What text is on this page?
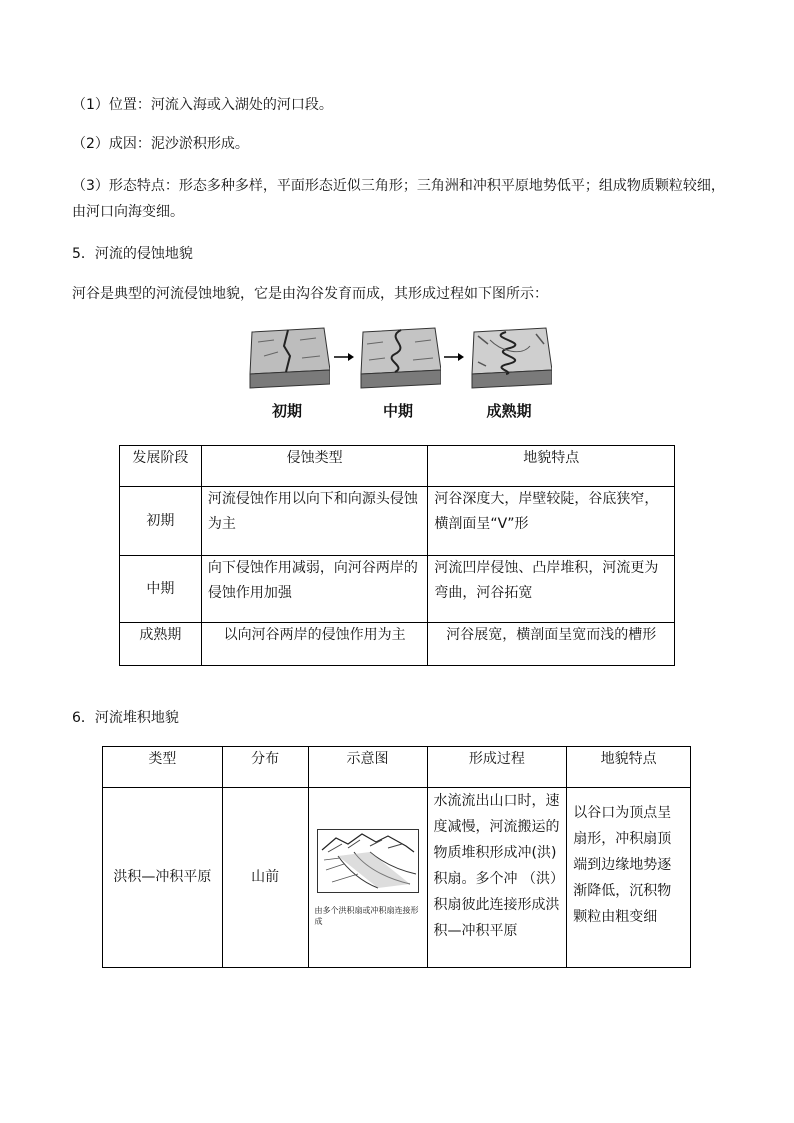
（1）位置：河流入海或入湖处的河口段。
（2）成因：泥沙淤积形成。
（3）形态特点：形态多种多样，平面形态近似三角形；三角洲和冲积平原地势低平；组成物质颗粒较细，由河口向海变细。
5．河流的侵蚀地貌
河谷是典型的河流侵蚀地貌，它是由沟谷发育而成，其形成过程如下图所示：
初期	中期	成熟期
发展阶段	侵蚀类型	地貌特点
初期	河流侵蚀作用以向下和向源头侵蚀为主	河谷深度大，岸壁较陡，谷底狭窄，横剖面呈“V”形
中期	向下侵蚀作用减弱，向河谷两岸的侵蚀作用加强	河流凹岸侵蚀、凸岸堆积，河流更为弯曲，河谷拓宽
成熟期	以向河谷两岸的侵蚀作用为主	河谷展宽，横剖面呈宽而浅的槽形
6．河流堆积地貌
类型	分布	示意图	形成过程	地貌特点
洪积—冲积平原	山前	由多个洪积扇或冲积扇连接形成	水流流出山口时，速度减慢，河流搬运的物质堆积形成冲(洪)积扇。多个冲 （洪）积扇彼此连接形成洪积—冲积平原	以谷口为顶点呈扇形，冲积扇顶端到边缘地势逐渐降低，沉积物颗粒由粗变细
